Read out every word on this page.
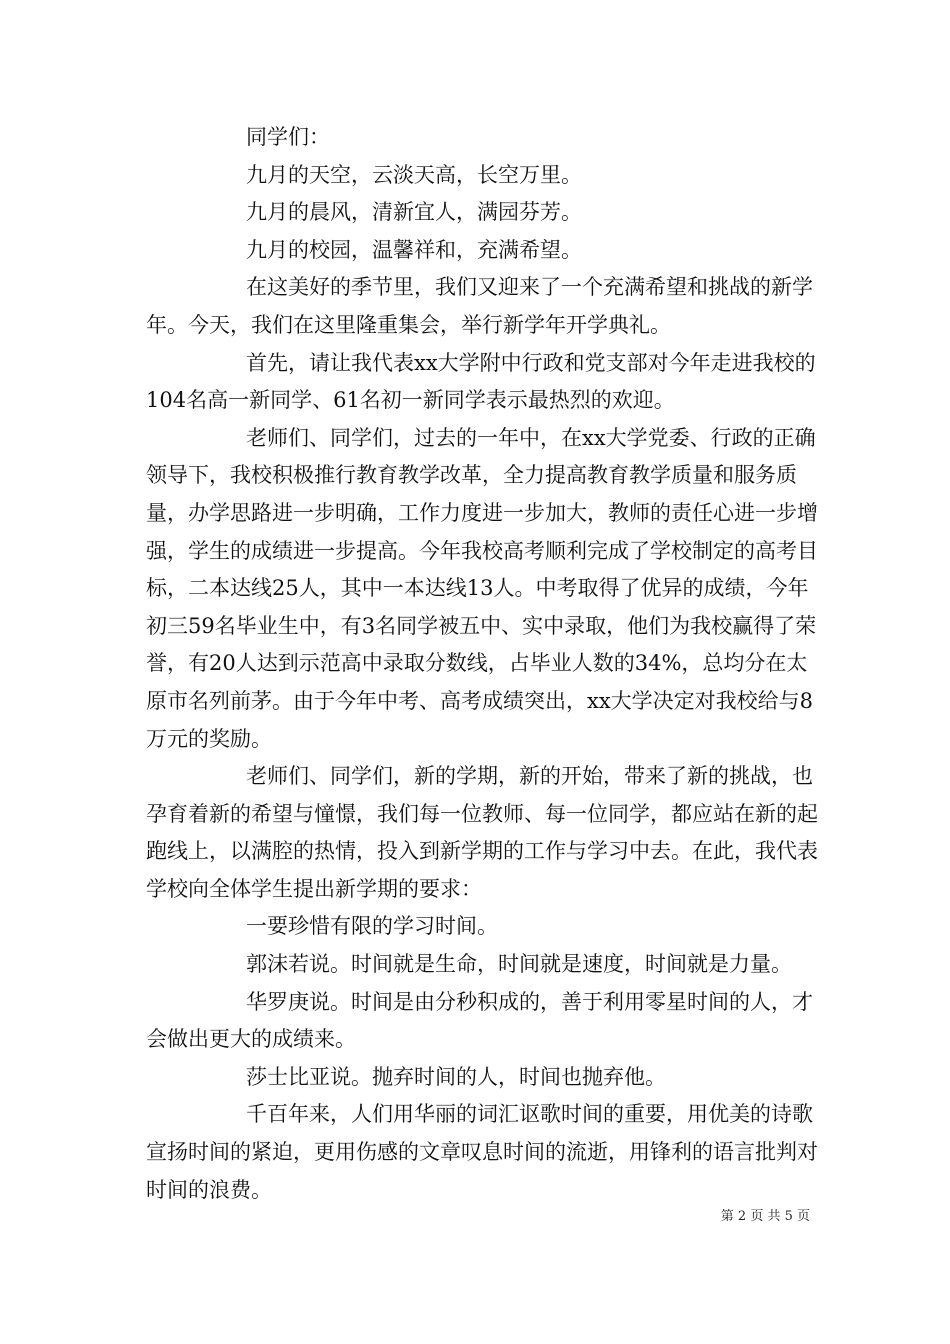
同学们：

九月的天空，云淡天高，长空万里。

九月的晨风，清新宜人，满园芬芳。

九月的校园，温馨祥和，充满希望。

在这美好的季节里，我们又迎来了一个充满希望和挑战的新学年。今天，我们在这里隆重集会，举行新学年开学典礼。

首先，请让我代表xx大学附中行政和党支部对今年走进我校的104名高一新同学、61名初一新同学表示最热烈的欢迎。

老师们、同学们，过去的一年中，在xx大学党委、行政的正确领导下，我校积极推行教育教学改革，全力提高教育教学质量和服务质量，办学思路进一步明确，工作力度进一步加大，教师的责任心进一步增强，学生的成绩进一步提高。今年我校高考顺利完成了学校制定的高考目标，二本达线25人，其中一本达线13人。中考取得了优异的成绩，今年初三59名毕业生中，有3名同学被五中、实中录取，他们为我校赢得了荣誉，有20人达到示范高中录取分数线，占毕业人数的34%，总均分在太原市名列前茅。由于今年中考、高考成绩突出，xx大学决定对我校给与8万元的奖励。

老师们、同学们，新的学期，新的开始，带来了新的挑战，也孕育着新的希望与憧憬，我们每一位教师、每一位同学，都应站在新的起跑线上，以满腔的热情，投入到新学期的工作与学习中去。在此，我代表学校向全体学生提出新学期的要求：

一要珍惜有限的学习时间。

郭沫若说。时间就是生命，时间就是速度，时间就是力量。

华罗庚说。时间是由分秒积成的，善于利用零星时间的人，才会做出更大的成绩来。

莎士比亚说。抛弃时间的人，时间也抛弃他。

千百年来，人们用华丽的词汇讴歌时间的重要，用优美的诗歌宣扬时间的紧迫，更用伤感的文章叹息时间的流逝，用锋利的语言批判对时间的浪费。

第 2 页 共 5 页
